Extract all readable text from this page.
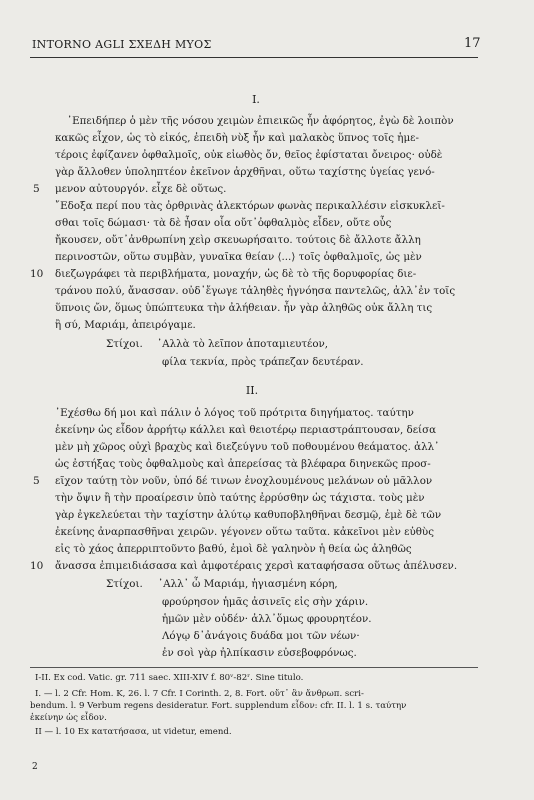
INTORNO AGLI ΣΧΕΔΗ ΜΥΟΣ	17
I.
᾿Επειδήπερ ὁ μὲν τῆς νόσου χειμὼν ἐπιεικῶς ἦν ἀφόρητος, ἐγὼ δὲ λοιπὸν
κακῶς εἶχον, ὡς τὸ εἰκός, ἐπειδὴ νὺξ ἦν καὶ μαλακὸς ὕπνος τοῖς ἡμε-
τέροις ἐφίζανεν ὀφθαλμοῖς, οὐκ εἰωθὸς ὄν, θεῖος ἐφίσταται ὄνειρος· οὐδὲ
γὰρ ἄλλοθεν ὑποληπτέον ἐκεῖνον ἀρχθῆναι, οὕτω ταχίστης ὑγείας γενό-
5 μενον αὐτουργόν. εἶχε δὲ οὕτως.
῎Εδοξα περί που τὰς ὀρθρινὰς ἀλεκτόρων φωνὰς περικαλλέσιν εἰσκυκλεῖ-
σθαι τοῖς δώμασι· τὰ δὲ ἦσαν οἷα οὔτ᾿ὀφθαλμὸς εἶδεν, οὔτε οὖς
ἤκουσεν, οὔτ᾿ἀνθρωπίνη χεὶρ σκευωρήσαιτο. τούτοις δὲ ἄλλοτε ἄλλη
περινοστῶν, οὕτω συμβὰν, γυναῖκα θείαν ⟨...⟩ τοῖς ὀφθαλμοῖς, ὡς μὲν
10 διεζωγράφει τὰ περιβλήματα, μοναχήν, ὡς δὲ τὸ τῆς δορυφορίας διε-
τράνου πολύ, ἄνασσαν. οὐδ᾿ἔγωγε τἀληθὲς ἠγνόησα παντελῶς, ἀλλ᾿ἐν τοῖς
ὕπνοις ὤν, ὅμως ὑπώπτευκα τὴν ἀλήθειαν. ἦν γὰρ ἀληθῶς οὐκ ἄλλη τις
ἢ σύ, Μαριάμ, ἀπειρόγαμε.
Στίχοι. ᾿Αλλὰ τὸ λεῖπον ἀποταμιευτέον,
φίλα τεκνία, πρὸς τράπεζαν δευτέραν.
II.
᾿Εχέσθω δή μοι καὶ πάλιν ὁ λόγος τοῦ πρότριτα διηγήματος. ταύτην
ἐκείνην ὡς εἶδον ἀρρήτῳ κάλλει καὶ θειοτέρῳ περιαστράπτουσαν, δείσα
μὲν μὴ χῶρος οὐχὶ βραχὺς καὶ διεζεύγνυ τοῦ ποθουμένου θεάματος. ἀλλ᾿
ὡς ἐστήξας τοὺς ὀφθαλμοὺς καὶ ἀπερείσας τὰ βλέφαρα διηνεκῶς προσ-
5 εῖχον ταύτῃ τὸν νοῦν, ὑπό δέ τινων ἐνοχλουμένους μελάνων οὐ μᾶλλον
τὴν ὄψιν ἢ τὴν προαίρεσιν ὑπὸ ταύτης ἐρρύσθην ὡς τάχιστα. τοὺς μὲν
γὰρ ἐγκελεύεται τὴν ταχίστην ἀλύτῳ καθυποβληθῆναι δεσμῷ, ἐμὲ δὲ τῶν
ἐκείνης ἀναρπασθῆναι χειρῶν. γέγονεν οὕτω ταῦτα. κἀκεῖνοι μὲν εὐθὺς
εἰς τὸ χάος ἀπερριπτοῦντο βαθύ, ἐμοὶ δὲ γαληνὸν ἡ θεία ὡς ἀληθῶς
10 ἄνασσα ἐπιμειδιάσασα καὶ ἀμφοτέραις χερσὶ καταφήσασα οὕτως ἀπέλυσεν.
Στίχοι. ᾿Αλλ᾿ ὦ Μαριάμ, ἡγιασμένη κόρη,
φρούρησον ἡμᾶς ἀσινεῖς εἰς σὴν χάριν.
ἡμῶν μὲν οὐδέν· ἀλλ᾿ὅμως φρουρητέον.
Λόγῳ δ᾿ἀνάγοις δυάδα μοι τῶν νέων·
ἐν σοὶ γὰρ ἠλπίκασιν εὐσεβοφρόνως.
I-II. Ex cod. Vatic. gr. 711 saec. XIII-XIV f. 80ᵛ-82ʳ. Sine titulo.
I. — l. 2 Cfr. Hom. Κ, 26. l. 7 Cfr. I Corinth. 2, 8. Fort. οὔτ᾿ ἂν ἄνθρωπ. scri-
bendum. l. 9 Verbum regens desideratur. Fort. supplendum εἶδον: cfr. II. l. 1 s. ταύτην
ἐκείνην ὡς εἶδον.
II — l. 10 Ex κατατήσασα, ut videtur, emend.
2
